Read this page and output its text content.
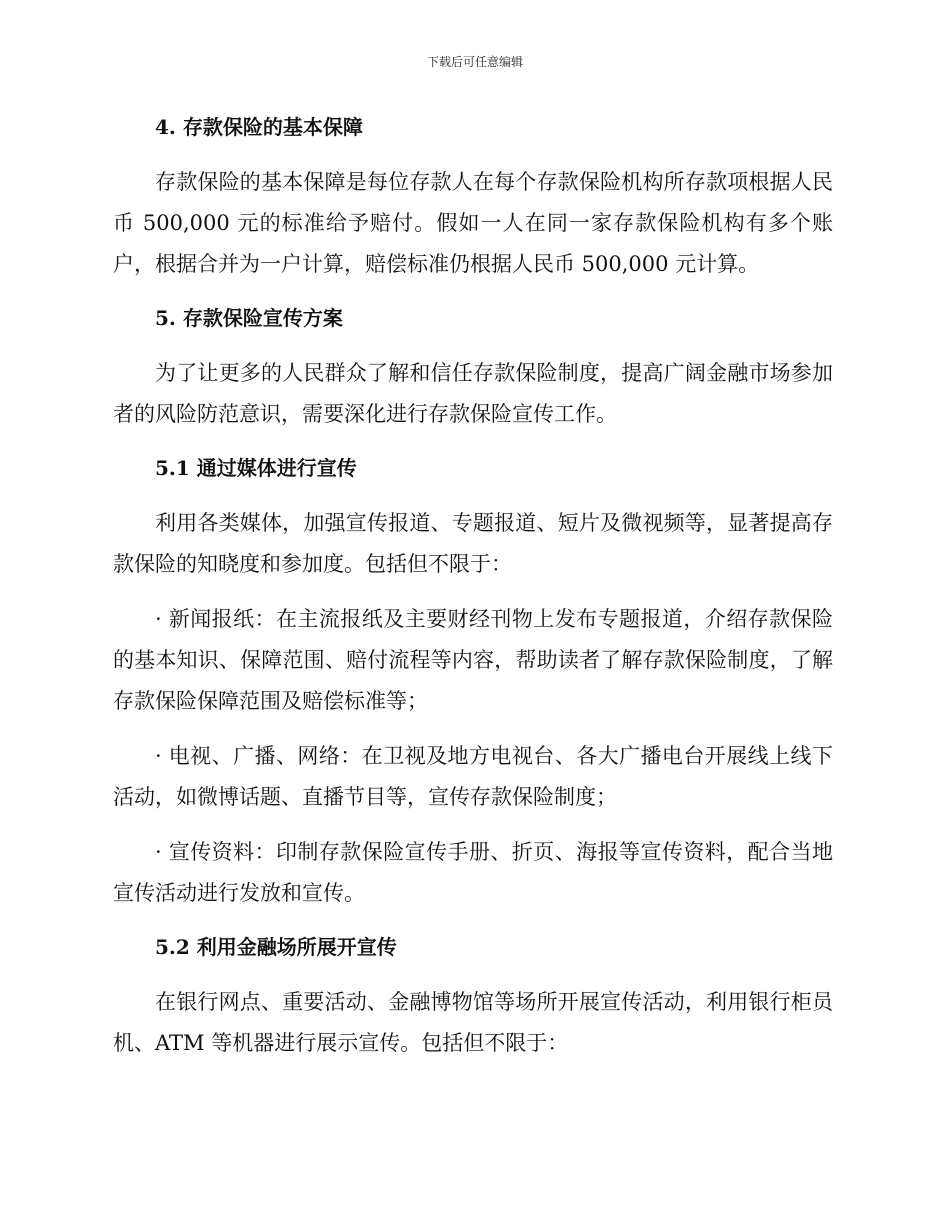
下载后可任意编辑
4. 存款保险的基本保障

存款保险的基本保障是每位存款人在每个存款保险机构所存款项根据人民币 500,000 元的标准给予赔付。假如一人在同一家存款保险机构有多个账户，根据合并为一户计算，赔偿标准仍根据人民币 500,000 元计算。

5. 存款保险宣传方案

为了让更多的人民群众了解和信任存款保险制度，提高广阔金融市场参加者的风险防范意识，需要深化进行存款保险宣传工作。

5.1 通过媒体进行宣传

利用各类媒体，加强宣传报道、专题报道、短片及微视频等，显著提高存款保险的知晓度和参加度。包括但不限于：

· 新闻报纸：在主流报纸及主要财经刊物上发布专题报道，介绍存款保险的基本知识、保障范围、赔付流程等内容，帮助读者了解存款保险制度，了解存款保险保障范围及赔偿标准等；

· 电视、广播、网络：在卫视及地方电视台、各大广播电台开展线上线下活动，如微博话题、直播节目等，宣传存款保险制度；

· 宣传资料：印制存款保险宣传手册、折页、海报等宣传资料，配合当地宣传活动进行发放和宣传。

5.2 利用金融场所展开宣传

在银行网点、重要活动、金融博物馆等场所开展宣传活动，利用银行柜员机、ATM 等机器进行展示宣传。包括但不限于：
